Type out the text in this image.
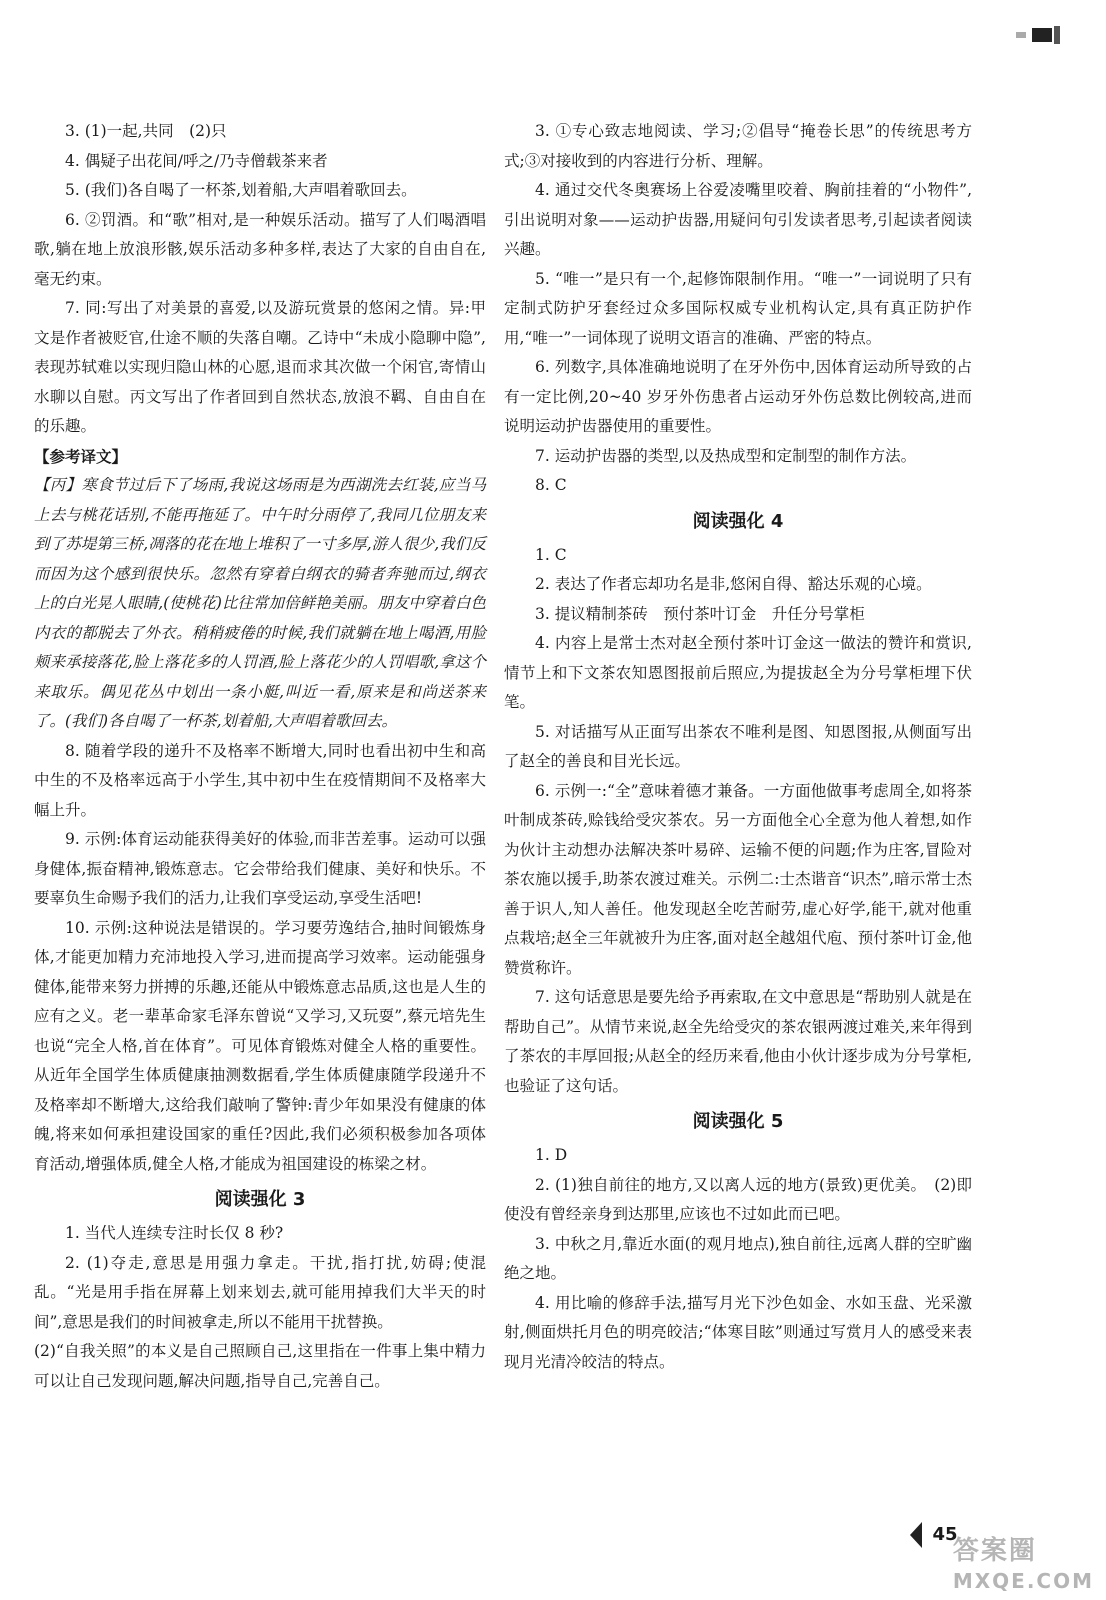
3. (1)一起,共同　(2)只

4. 偶疑子出花间/呼之/乃寺僧载茶来者

5. (我们)各自喝了一杯茶,划着船,大声唱着歌回去。

6. ②罚酒。和“歌”相对,是一种娱乐活动。描写了人们喝酒唱歌,躺在地上放浪形骸,娱乐活动多种多样,表达了大家的自由自在,毫无约束。

7. 同:写出了对美景的喜爱,以及游玩赏景的悠闲之情。异:甲文是作者被贬官,仕途不顺的失落自嘲。乙诗中“未成小隐聊中隐”,表现苏轼难以实现归隐山林的心愿,退而求其次做一个闲官,寄情山水聊以自慰。丙文写出了作者回到自然状态,放浪不羁、自由自在的乐趣。

【参考译文】

【丙】寒食节过后下了场雨,我说这场雨是为西湖洗去红装,应当马上去与桃花话别,不能再拖延了。中午时分雨停了,我同几位朋友来到了苏堤第三桥,凋落的花在地上堆积了一寸多厚,游人很少,我们反而因为这个感到很快乐。忽然有穿着白纲衣的骑者奔驰而过,纲衣上的白光晃人眼睛,(使桃花)比往常加倍鲜艳美丽。朋友中穿着白色内衣的都脱去了外衣。稍稍疲倦的时候,我们就躺在地上喝酒,用脸颊来承接落花,脸上落花多的人罚酒,脸上落花少的人罚唱歌,拿这个来取乐。偶见花丛中划出一条小艇,叫近一看,原来是和尚送茶来了。(我们)各自喝了一杯茶,划着船,大声唱着歌回去。

8. 随着学段的递升不及格率不断增大,同时也看出初中生和高中生的不及格率远高于小学生,其中初中生在疫情期间不及格率大幅上升。

9. 示例:体育运动能获得美好的体验,而非苦差事。运动可以强身健体,振奋精神,锻炼意志。它会带给我们健康、美好和快乐。不要辜负生命赐予我们的活力,让我们享受运动,享受生活吧!

10. 示例:这种说法是错误的。学习要劳逸结合,抽时间锻炼身体,才能更加精力充沛地投入学习,进而提高学习效率。运动能强身健体,能带来努力拼搏的乐趣,还能从中锻炼意志品质,这也是人生的应有之义。老一辈革命家毛泽东曾说“又学习,又玩耍”,蔡元培先生也说“完全人格,首在体育”。可见体育锻炼对健全人格的重要性。从近年全国学生体质健康抽测数据看,学生体质健康随学段递升不及格率却不断增大,这给我们敲响了警钟:青少年如果没有健康的体魄,将来如何承担建设国家的重任?因此,我们必须积极参加各项体育活动,增强体质,健全人格,才能成为祖国建设的栋梁之材。

阅读强化 3

1. 当代人连续专注时长仅 8 秒?

2. (1)夺走,意思是用强力拿走。干扰,指打扰,妨碍;使混乱。“光是用手指在屏幕上划来划去,就可能用掉我们大半天的时间”,意思是我们的时间被拿走,所以不能用干扰替换。

(2)“自我关照”的本义是自己照顾自己,这里指在一件事上集中精力可以让自己发现问题,解决问题,指导自己,完善自己。

3. ①专心致志地阅读、学习;②倡导“掩卷长思”的传统思考方式;③对接收到的内容进行分析、理解。

4. 通过交代冬奥赛场上谷爱凌嘴里咬着、胸前挂着的“小物件”,引出说明对象——运动护齿器,用疑问句引发读者思考,引起读者阅读兴趣。

5. “唯一”是只有一个,起修饰限制作用。“唯一”一词说明了只有定制式防护牙套经过众多国际权威专业机构认定,具有真正防护作用,“唯一”一词体现了说明文语言的准确、严密的特点。

6. 列数字,具体准确地说明了在牙外伤中,因体育运动所导致的占有一定比例,20~40 岁牙外伤患者占运动牙外伤总数比例较高,进而说明运动护齿器使用的重要性。

7. 运动护齿器的类型,以及热成型和定制型的制作方法。

8. C

阅读强化 4

1. C

2. 表达了作者忘却功名是非,悠闲自得、豁达乐观的心境。

3. 提议精制茶砖　预付茶叶订金　升任分号掌柜

4. 内容上是常士杰对赵全预付茶叶订金这一做法的赞许和赏识,情节上和下文茶农知恩图报前后照应,为提拔赵全为分号掌柜埋下伏笔。

5. 对话描写从正面写出茶农不唯利是图、知恩图报,从侧面写出了赵全的善良和目光长远。

6. 示例一:“全”意味着德才兼备。一方面他做事考虑周全,如将茶叶制成茶砖,赊钱给受灾茶农。另一方面他全心全意为他人着想,如作为伙计主动想办法解决茶叶易碎、运输不便的问题;作为庄客,冒险对茶农施以援手,助茶农渡过难关。示例二:士杰谐音“识杰”,暗示常士杰善于识人,知人善任。他发现赵全吃苦耐劳,虚心好学,能干,就对他重点栽培;赵全三年就被升为庄客,面对赵全越俎代庖、预付茶叶订金,他赞赏称许。

7. 这句话意思是要先给予再索取,在文中意思是“帮助别人就是在帮助自己”。从情节来说,赵全先给受灾的茶农银两渡过难关,来年得到了茶农的丰厚回报;从赵全的经历来看,他由小伙计逐步成为分号掌柜,也验证了这句话。

阅读强化 5

1. D

2. (1)独自前往的地方,又以离人远的地方(景致)更优美。　(2)即使没有曾经亲身到达那里,应该也不过如此而已吧。

3. 中秋之月,靠近水面(的观月地点),独自前往,远离人群的空旷幽绝之地。

4. 用比喻的修辞手法,描写月光下沙色如金、水如玉盘、光采激射,侧面烘托月色的明亮皎洁;“体寒目眩”则通过写赏月人的感受来表现月光清冷皎洁的特点。

45
答案圈
MXQE.COM
